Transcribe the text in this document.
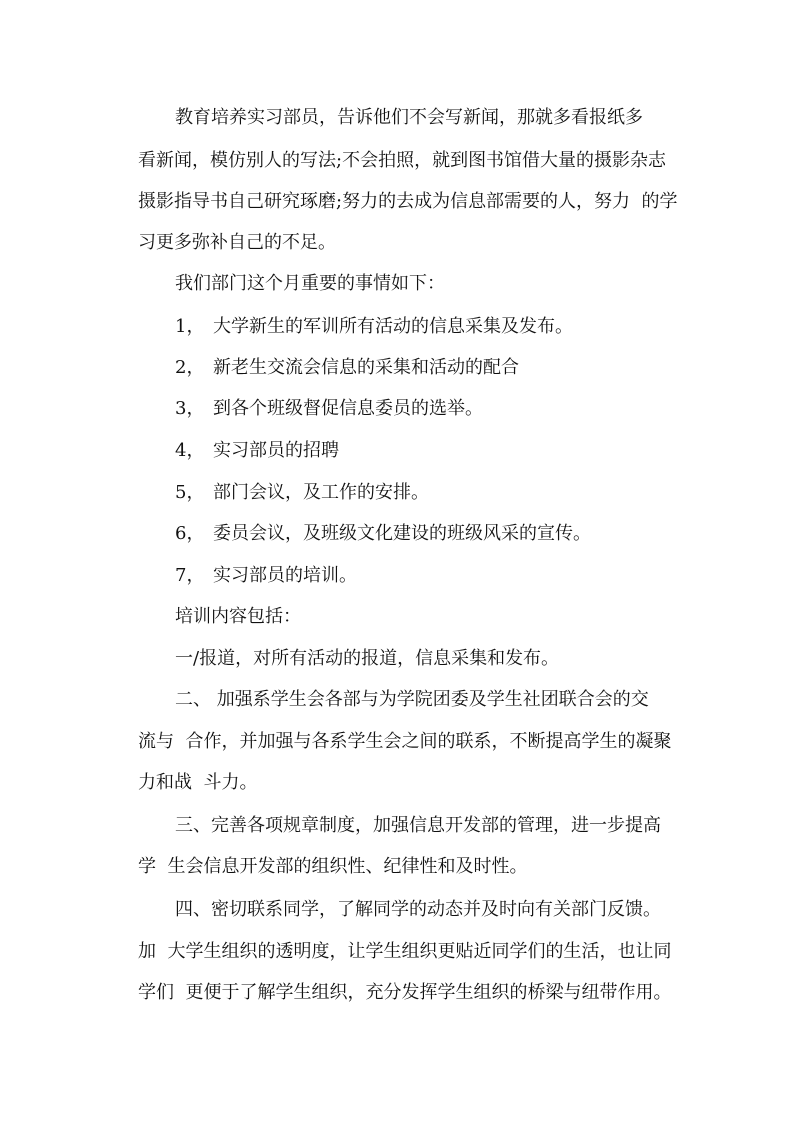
教育培养实习部员，告诉他们不会写新闻，那就多看报纸多
看新闻，模仿别人的写法;不会拍照，就到图书馆借大量的摄影杂志
摄影指导书自己研究琢磨;努力的去成为信息部需要的人，努力  的学
习更多弥补自己的不足。
我们部门这个月重要的事情如下：
1， 大学新生的军训所有活动的信息采集及发布。
2， 新老生交流会信息的采集和活动的配合
3， 到各个班级督促信息委员的选举。
4， 实习部员的招聘
5， 部门会议，及工作的安排。
6， 委员会议，及班级文化建设的班级风采的宣传。
7， 实习部员的培训。
培训内容包括：
一/报道，对所有活动的报道，信息采集和发布。
二、 加强系学生会各部与为学院团委及学生社团联合会的交
流与  合作，并加强与各系学生会之间的联系，不断提高学生的凝聚
力和战  斗力。
三、完善各项规章制度，加强信息开发部的管理，进一步提高
学  生会信息开发部的组织性、纪律性和及时性。
四、密切联系同学，了解同学的动态并及时向有关部门反馈。
加  大学生组织的透明度，让学生组织更贴近同学们的生活，也让同
学们  更便于了解学生组织，充分发挥学生组织的桥梁与纽带作用。
